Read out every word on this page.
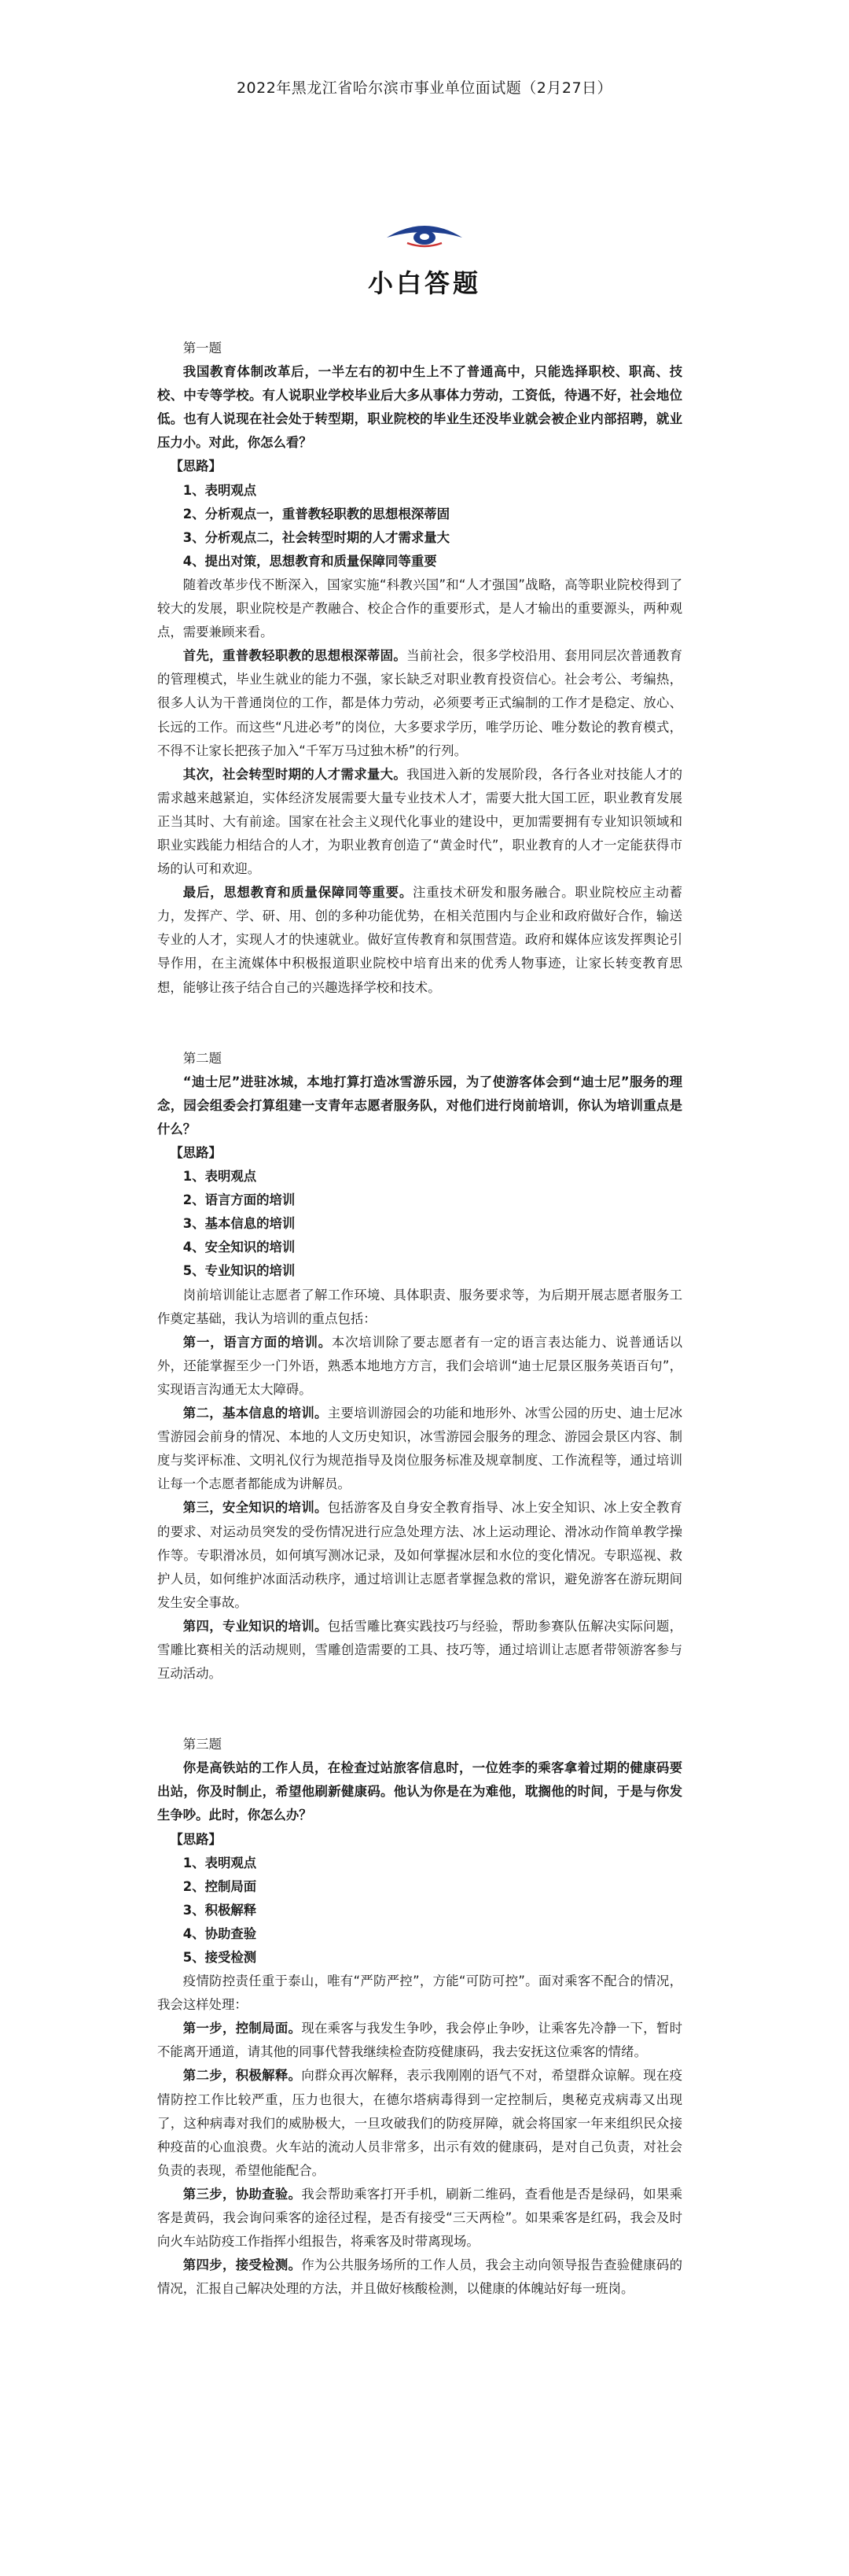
2022年黑龙江省哈尔滨市事业单位面试题（2月27日）
小白答题

第一题

我国教育体制改革后，一半左右的初中生上不了普通高中，只能选择职校、职高、技校、中专等学校。有人说职业学校毕业后大多从事体力劳动，工资低，待遇不好，社会地位低。也有人说现在社会处于转型期，职业院校的毕业生还没毕业就会被企业内部招聘，就业压力小。对此，你怎么看？

【思路】

1、表明观点

2、分析观点一，重普教轻职教的思想根深蒂固

3、分析观点二，社会转型时期的人才需求量大

4、提出对策，思想教育和质量保障同等重要

随着改革步伐不断深入，国家实施“科教兴国”和“人才强国”战略，高等职业院校得到了较大的发展，职业院校是产教融合、校企合作的重要形式，是人才输出的重要源头，两种观点，需要兼顾来看。

首先，重普教轻职教的思想根深蒂固。当前社会，很多学校沿用、套用同层次普通教育的管理模式，毕业生就业的能力不强，家长缺乏对职业教育投资信心。社会考公、考编热，很多人认为干普通岗位的工作，都是体力劳动，必须要考正式编制的工作才是稳定、放心、长远的工作。而这些“凡进必考”的岗位，大多要求学历，唯学历论、唯分数论的教育模式，不得不让家长把孩子加入“千军万马过独木桥”的行列。

其次，社会转型时期的人才需求量大。我国进入新的发展阶段，各行各业对技能人才的需求越来越紧迫，实体经济发展需要大量专业技术人才，需要大批大国工匠，职业教育发展正当其时、大有前途。国家在社会主义现代化事业的建设中，更加需要拥有专业知识领域和职业实践能力相结合的人才，为职业教育创造了“黄金时代”，职业教育的人才一定能获得市场的认可和欢迎。

最后，思想教育和质量保障同等重要。注重技术研发和服务融合。职业院校应主动蓄力，发挥产、学、研、用、创的多种功能优势，在相关范围内与企业和政府做好合作，输送专业的人才，实现人才的快速就业。做好宣传教育和氛围营造。政府和媒体应该发挥舆论引导作用，在主流媒体中积极报道职业院校中培育出来的优秀人物事迹，让家长转变教育思想，能够让孩子结合自己的兴趣选择学校和技术。

第二题

“迪士尼”进驻冰城，本地打算打造冰雪游乐园，为了使游客体会到“迪士尼”服务的理念，园会组委会打算组建一支青年志愿者服务队，对他们进行岗前培训，你认为培训重点是什么？

【思路】

1、表明观点

2、语言方面的培训

3、基本信息的培训

4、安全知识的培训

5、专业知识的培训

岗前培训能让志愿者了解工作环境、具体职责、服务要求等，为后期开展志愿者服务工作奠定基础，我认为培训的重点包括：

第一，语言方面的培训。本次培训除了要志愿者有一定的语言表达能力、说普通话以外，还能掌握至少一门外语，熟悉本地地方方言，我们会培训“迪士尼景区服务英语百句”，实现语言沟通无太大障碍。

第二，基本信息的培训。主要培训游园会的功能和地形外、冰雪公园的历史、迪士尼冰雪游园会前身的情况、本地的人文历史知识，冰雪游园会服务的理念、游园会景区内容、制度与奖评标准、文明礼仪行为规范指导及岗位服务标准及规章制度、工作流程等，通过培训让每一个志愿者都能成为讲解员。

第三，安全知识的培训。包括游客及自身安全教育指导、冰上安全知识、冰上安全教育的要求、对运动员突发的受伤情况进行应急处理方法、冰上运动理论、滑冰动作简单教学操作等。专职滑冰员，如何填写测冰记录，及如何掌握冰层和水位的变化情况。专职巡视、救护人员，如何维护冰面活动秩序，通过培训让志愿者掌握急救的常识，避免游客在游玩期间发生安全事故。

第四，专业知识的培训。包括雪雕比赛实践技巧与经验，帮助参赛队伍解决实际问题，雪雕比赛相关的活动规则，雪雕创造需要的工具、技巧等，通过培训让志愿者带领游客参与互动活动。

第三题

你是高铁站的工作人员，在检查过站旅客信息时，一位姓李的乘客拿着过期的健康码要出站，你及时制止，希望他刷新健康码。他认为你是在为难他，耽搁他的时间，于是与你发生争吵。此时，你怎么办？

【思路】

1、表明观点

2、控制局面

3、积极解释

4、协助查验

5、接受检测

疫情防控责任重于泰山，唯有“严防严控”，方能“可防可控”。面对乘客不配合的情况，我会这样处理：

第一步，控制局面。现在乘客与我发生争吵，我会停止争吵，让乘客先冷静一下，暂时不能离开通道，请其他的同事代替我继续检查防疫健康码，我去安抚这位乘客的情绪。

第二步，积极解释。向群众再次解释，表示我刚刚的语气不对，希望群众谅解。现在疫情防控工作比较严重，压力也很大，在德尔塔病毒得到一定控制后，奥秘克戎病毒又出现了，这种病毒对我们的威胁极大，一旦攻破我们的防疫屏障，就会将国家一年来组织民众接种疫苗的心血浪费。火车站的流动人员非常多，出示有效的健康码，是对自己负责，对社会负责的表现，希望他能配合。

第三步，协助查验。我会帮助乘客打开手机，刷新二维码，查看他是否是绿码，如果乘客是黄码，我会询问乘客的途径过程，是否有接受“三天两检”。如果乘客是红码，我会及时向火车站防疫工作指挥小组报告，将乘客及时带离现场。

第四步，接受检测。作为公共服务场所的工作人员，我会主动向领导报告查验健康码的情况，汇报自己解决处理的方法，并且做好核酸检测，以健康的体魄站好每一班岗。
